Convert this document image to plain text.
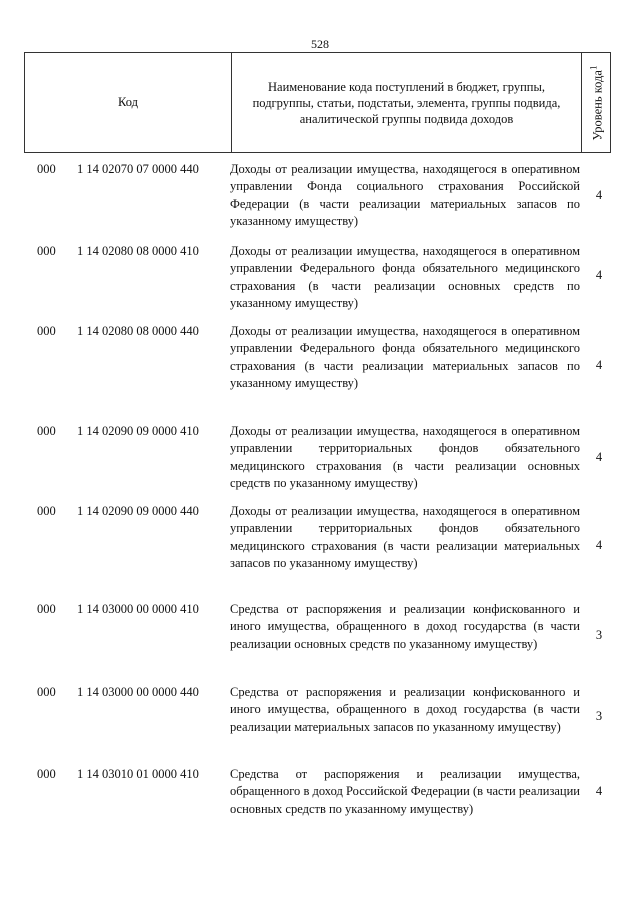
528
Код
Наименование кода поступлений в бюджет, группы, подгруппы, статьи, подстатьи, элемента, группы подвида, аналитической группы подвида доходов	Уровень кода$^1$
000 1 14 02070 07 0000 440 Доходы от реализации имущества, находящегося в оперативном управлении Фонда социального страхования Российской Федерации (в части реализации материальных запасов по указанному имуществу)
4
000 1 14 02080 08 0000 410 Доходы от реализации имущества, находящегося в оперативном управлении Федерального фонда обязательного медицинского страхования (в части реализации основных средств по указанному имуществу)
4
000 1 14 02080 08 0000 440 Доходы от реализации имущества, находящегося в оперативном управлении Федерального фонда обязательного медицинского страхования (в части реализации материальных запасов по указанному имуществу)
4
000 1 14 02090 09 0000 410 Доходы от реализации имущества, находящегося в оперативном управлении территориальных фондов обязательного медицинского страхования (в части реализации основных средств по указанному имуществу)
4
000 1 14 02090 09 0000 440 Доходы от реализации имущества, находящегося в оперативном управлении территориальных фондов обязательного медицинского страхования (в части реализации материальных запасов по указанному имуществу)
4
000 1 14 03000 00 0000 410 Средства от распоряжения и реализации конфискованного и иного имущества, обращенного в доход государства (в части реализации основных средств по указанному имуществу)
3
000 1 14 03000 00 0000 440 Средства от распоряжения и реализации конфискованного и иного имущества, обращенного в доход государства (в части реализации материальных запасов по указанному имуществу)
3
000 1 14 03010 01 0000 410 Средства от распоряжения и реализации имущества, обращенного в доход Российской Федерации (в части реализации основных средств по указанному имуществу)
4
